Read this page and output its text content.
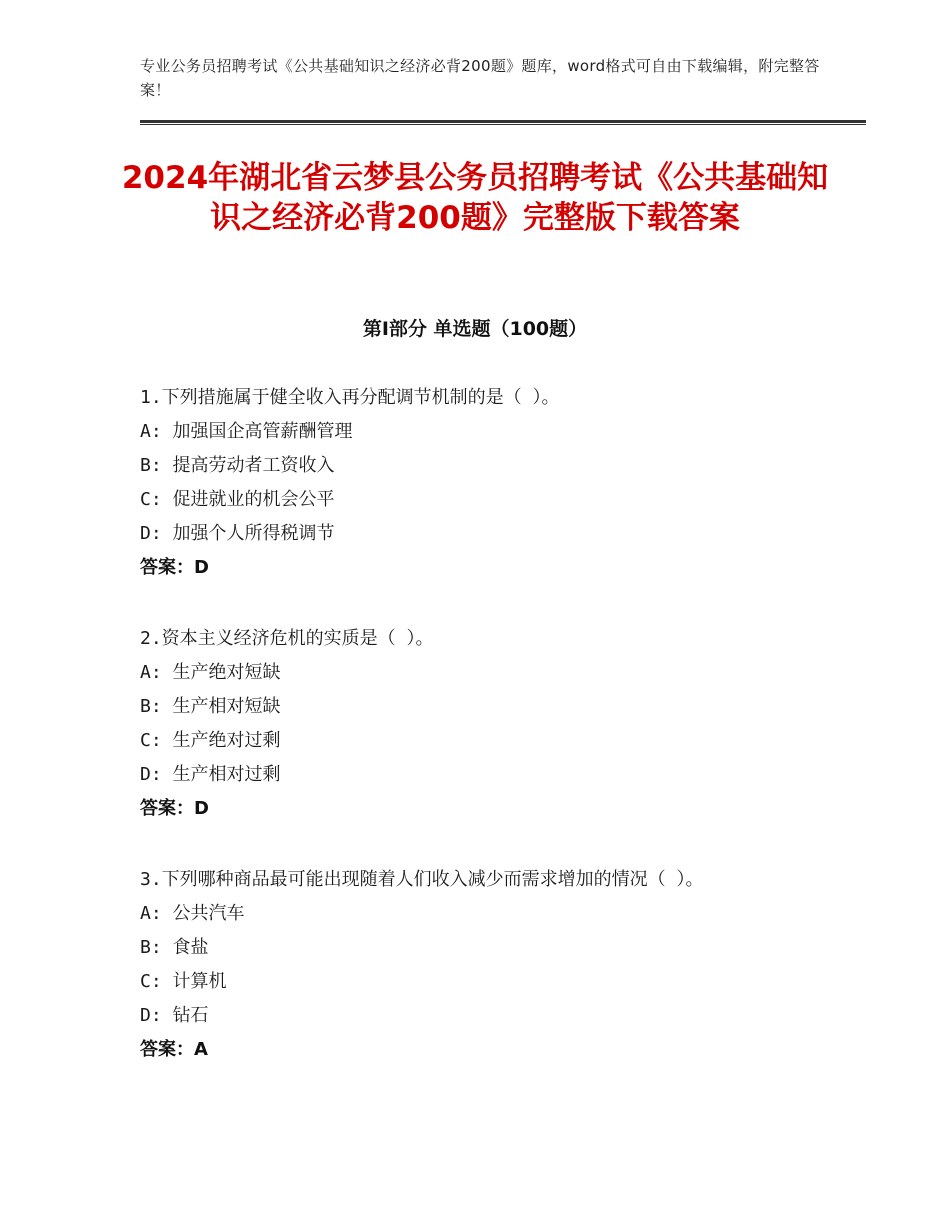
专业公务员招聘考试《公共基础知识之经济必背200题》题库，word格式可自由下载编辑，附完整答案！
2024年湖北省云梦县公务员招聘考试《公共基础知识之经济必背200题》完整版下载答案
第Ⅰ部分 单选题（100题）
1.下列措施属于健全收入再分配调节机制的是（ ）。
A: 加强国企高管薪酬管理
B: 提高劳动者工资收入
C: 促进就业的机会公平
D: 加强个人所得税调节
答案：D
2.资本主义经济危机的实质是（ ）。
A: 生产绝对短缺
B: 生产相对短缺
C: 生产绝对过剩
D: 生产相对过剩
答案：D
3.下列哪种商品最可能出现随着人们收入减少而需求增加的情况（ ）。
A: 公共汽车
B: 食盐
C: 计算机
D: 钻石
答案：A
